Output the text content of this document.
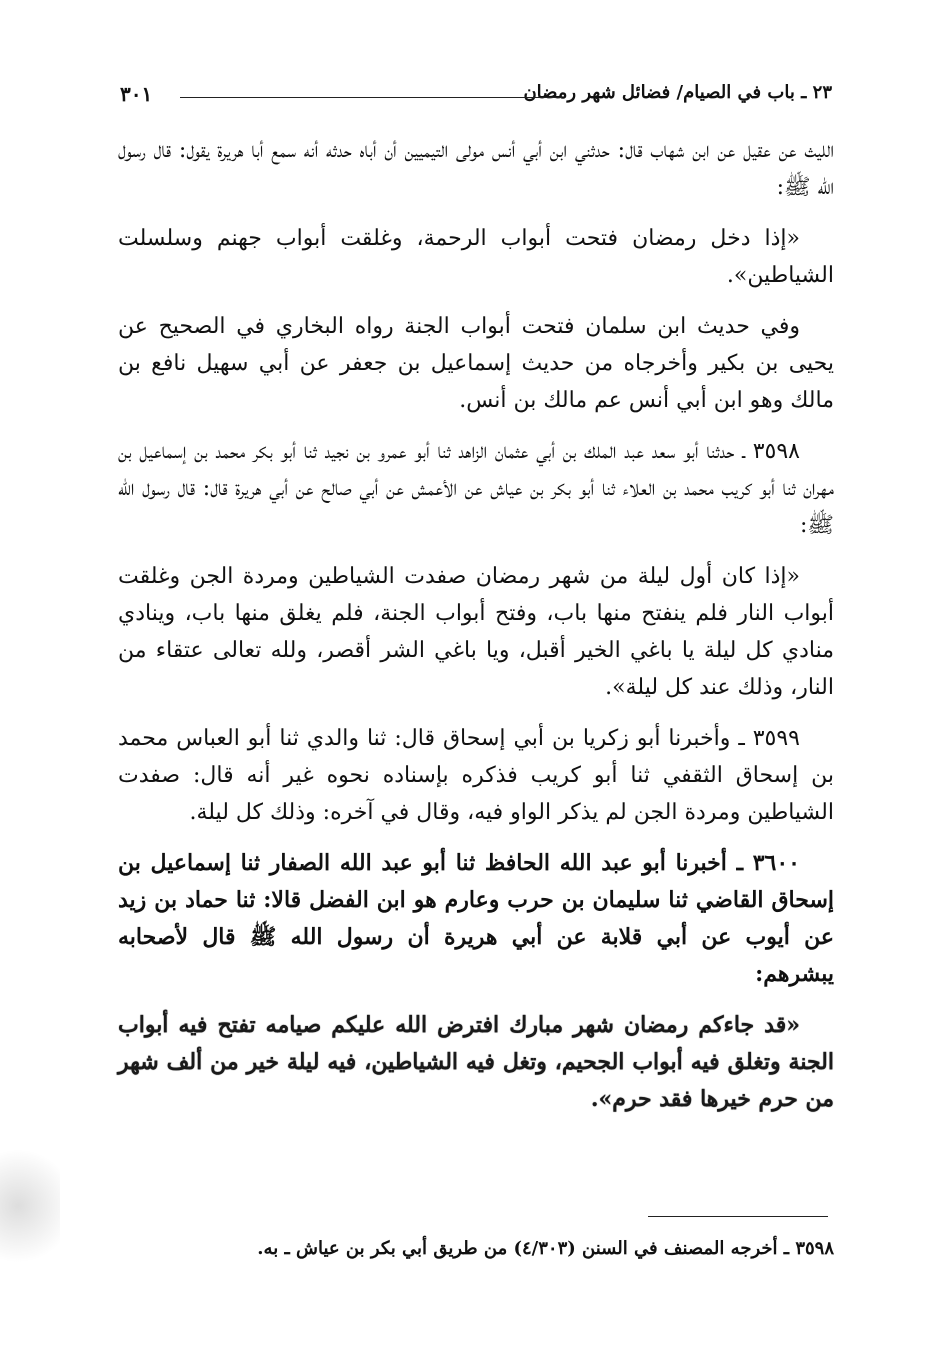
٢٣ ـ باب في الصيام/ فضائل شهر رمضان
٣٠١

الليث عن عقيل عن ابن شهاب قال: حدثني ابن أبي أنس مولى التيميين أن أباه حدثه أنه سمع أبا هريرة يقول: قال رسول الله ﷺ:

«إذا دخل رمضان فتحت أبواب الرحمة، وغلقت أبواب جهنم وسلسلت الشياطين».

وفي حديث ابن سلمان فتحت أبواب الجنة رواه البخاري في الصحيح عن يحيى بن بكير وأخرجاه من حديث إسماعيل بن جعفر عن أبي سهيل نافع بن مالك وهو ابن أبي أنس عم مالك بن أنس.

٣٥٩٨ ـ حدثنا أبو سعد عبد الملك بن أبي عثمان الزاهد ثنا أبو عمرو بن نجيد ثنا أبو بكر محمد بن إسماعيل بن مهران ثنا أبو كريب محمد بن العلاء ثنا أبو بكر بن عياش عن الأعمش عن أبي صالح عن أبي هريرة قال: قال رسول الله ﷺ:

«إذا كان أول ليلة من شهر رمضان صفدت الشياطين ومردة الجن وغلقت أبواب النار فلم ينفتح منها باب، وفتح أبواب الجنة، فلم يغلق منها باب، وينادي منادي كل ليلة يا باغي الخير أقبل، ويا باغي الشر أقصر، ولله تعالى عتقاء من النار، وذلك عند كل ليلة».

٣٥٩٩ ـ وأخبرنا أبو زكريا بن أبي إسحاق قال: ثنا والدي ثنا أبو العباس محمد بن إسحاق الثقفي ثنا أبو كريب فذكره بإسناده نحوه غير أنه قال: صفدت الشياطين ومردة الجن لم يذكر الواو فيه، وقال في آخره: وذلك كل ليلة.

٣٦٠٠ ـ أخبرنا أبو عبد الله الحافظ ثنا أبو عبد الله الصفار ثنا إسماعيل بن إسحاق القاضي ثنا سليمان بن حرب وعارم هو ابن الفضل قالا: ثنا حماد بن زيد عن أيوب عن أبي قلابة عن أبي هريرة أن رسول الله ﷺ قال لأصحابه يبشرهم:

«قد جاءكم رمضان شهر مبارك افترض الله عليكم صيامه تفتح فيه أبواب الجنة وتغلق فيه أبواب الجحيم، وتغل فيه الشياطين، فيه ليلة خير من ألف شهر من حرم خيرها فقد حرم».

٣٥٩٨ ـ أخرجه المصنف في السنن (٤/٣٠٣) من طريق أبي بكر بن عياش ـ به.
